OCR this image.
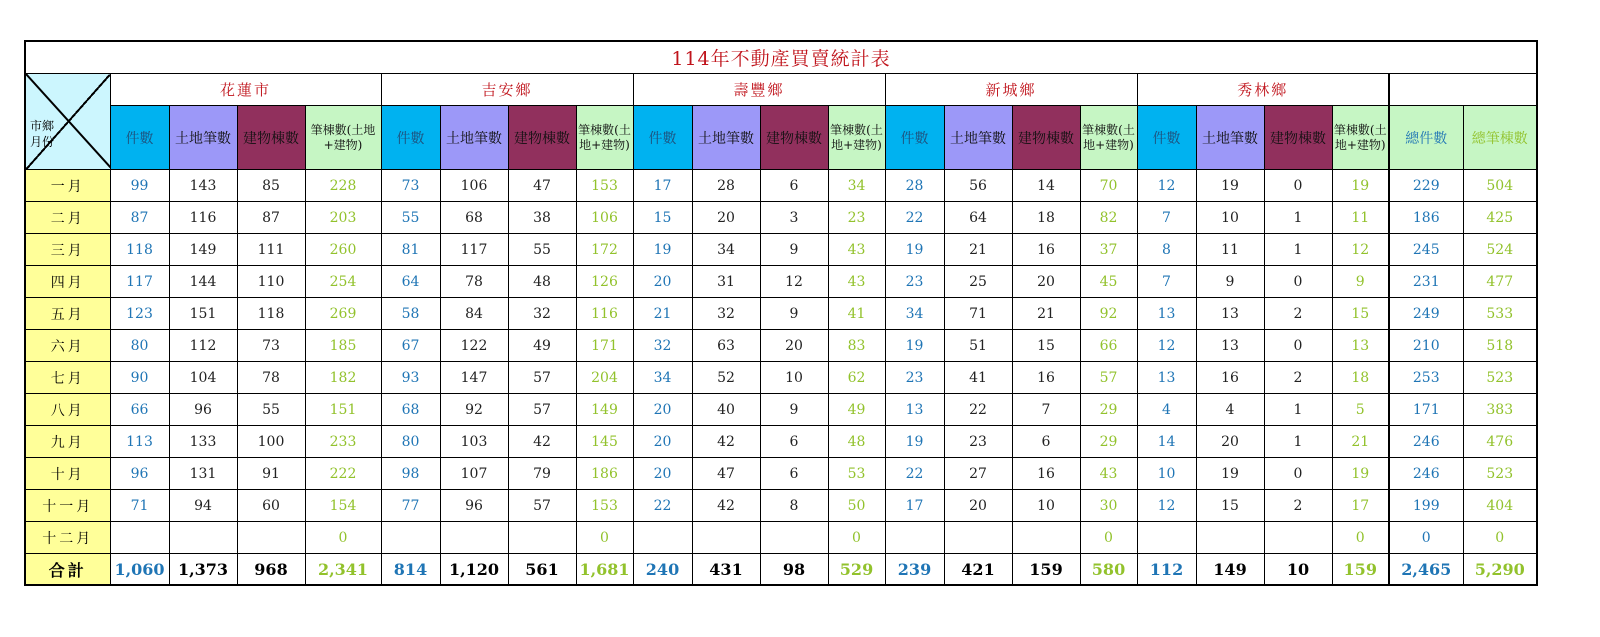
114年不動產買賣統計表																						

市鄉
月份	花蓮市				吉安鄉				壽豐鄉				新城鄉				秀林鄉					
	件數	土地筆數	建物棟數	筆棟數(土地+建物)	件數	土地筆數	建物棟數	筆棟數(土地+建物)	件數	土地筆數	建物棟數	筆棟數(土地+建物)	件數	土地筆數	建物棟數	筆棟數(土地+建物)	件數	土地筆數	建物棟數	筆棟數(土地+建物)	總件數	總筆棟數
一月	99	143	85	228	73	106	47	153	17	28	6	34	28	56	14	70	12	19	0	19	229	504
二月	87	116	87	203	55	68	38	106	15	20	3	23	22	64	18	82	7	10	1	11	186	425
三月	118	149	111	260	81	117	55	172	19	34	9	43	19	21	16	37	8	11	1	12	245	524
四月	117	144	110	254	64	78	48	126	20	31	12	43	23	25	20	45	7	9	0	9	231	477
五月	123	151	118	269	58	84	32	116	21	32	9	41	34	71	21	92	13	13	2	15	249	533
六月	80	112	73	185	67	122	49	171	32	63	20	83	19	51	15	66	12	13	0	13	210	518
七月	90	104	78	182	93	147	57	204	34	52	10	62	23	41	16	57	13	16	2	18	253	523
八月	66	96	55	151	68	92	57	149	20	40	9	49	13	22	7	29	4	4	1	5	171	383
九月	113	133	100	233	80	103	42	145	20	42	6	48	19	23	6	29	14	20	1	21	246	476
十月	96	131	91	222	98	107	79	186	20	47	6	53	22	27	16	43	10	19	0	19	246	523
十一月	71	94	60	154	77	96	57	153	22	42	8	50	17	20	10	30	12	15	2	17	199	404
十二月				0				0				0				0				0	0	0
合計	1,060	1,373	968	2,341	814	1,120	561	1,681	240	431	98	529	239	421	159	580	112	149	10	159	2,465	5,290
